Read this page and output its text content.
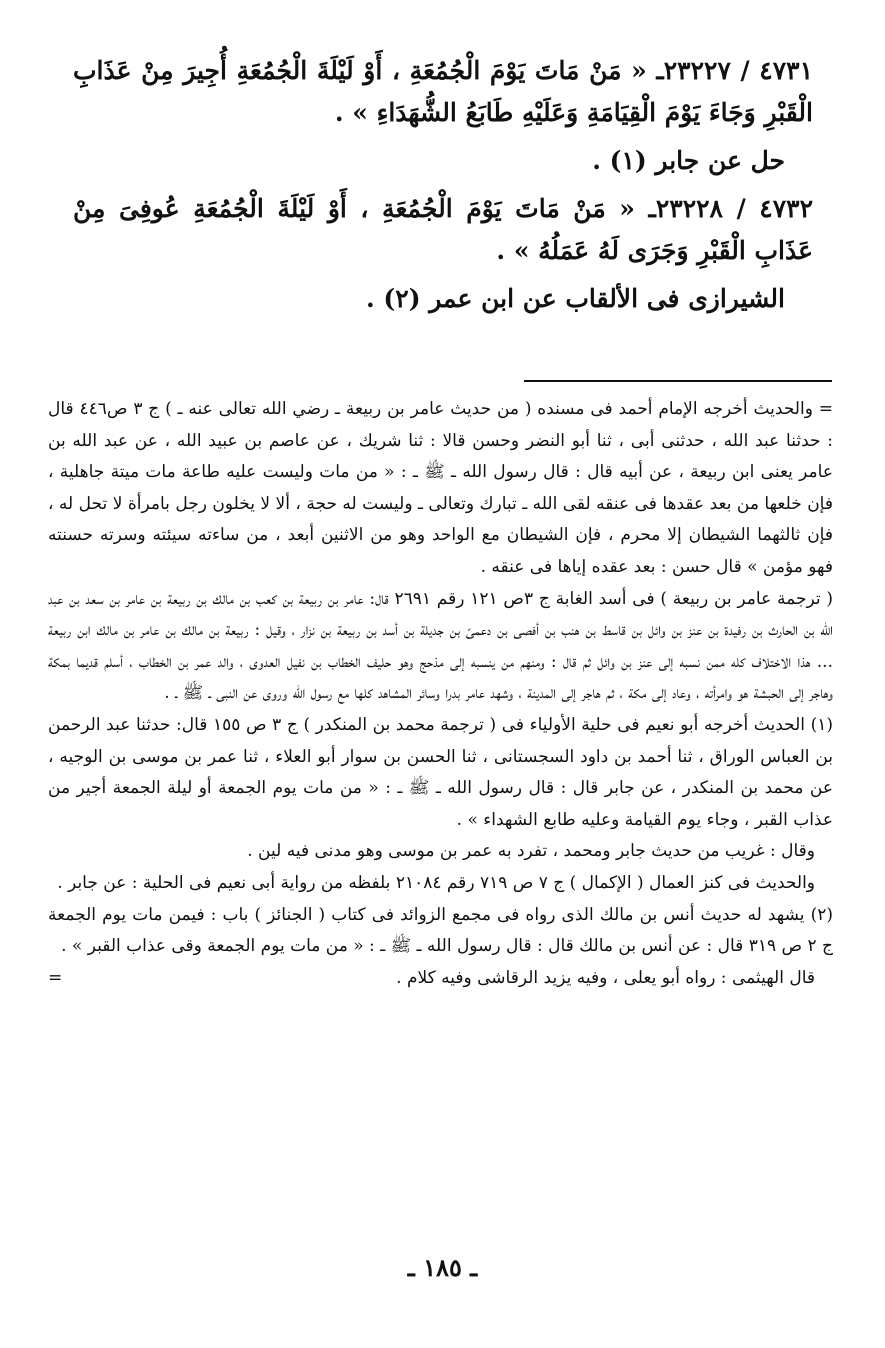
٤٧٣١ / ٢٣٢٢٧ـ « مَنْ مَاتَ يَوْمَ الْجُمُعَةِ ، أَوْ لَيْلَةَ الْجُمُعَةِ أُجِيرَ مِنْ عَذَابِ الْقَبْرِ وَجَاءَ يَوْمَ الْقِيَامَةِ وَعَلَيْهِ طَابَعُ الشُّهَدَاءِ » .

حل عن جابر (١) .

٤٧٣٢ / ٢٣٢٢٨ـ « مَنْ مَاتَ يَوْمَ الْجُمُعَةِ ، أَوْ لَيْلَةَ الْجُمُعَةِ عُوفِىَ مِنْ عَذَابِ الْقَبْرِ وَجَرَى لَهُ عَمَلُهُ » .

الشيرازى فى الألقاب عن ابن عمر (٢) .

= والحديث أخرجه الإمام أحمد فى مسنده ( من حديث عامر بن ربيعة ـ رضي الله تعالى عنه ـ ) ج ٣ ص٤٤٦ قال : حدثنا عبد الله ، حدثنى أبى ، ثنا أبو النضر وحسن قالا : ثنا شريك ، عن عاصم بن عبيد الله ، عن عبد الله بن عامر يعنى ابن ربيعة ، عن أبيه قال : قال رسول الله ـ ﷺ ـ : « من مات وليست عليه طاعة مات ميتة جاهلية ، فإن خلعها من بعد عقدها فى عنقه لقى الله ـ تبارك وتعالى ـ وليست له حجة ، ألا لا يخلون رجل بامرأة لا تحل له ، فإن ثالثهما الشيطان إلا محرم ، فإن الشيطان مع الواحد وهو من الاثنين أبعد ، من ساءته سيئته وسرته حسنته فهو مؤمن » قال حسن : بعد عقده إياها فى عنقه .

( ترجمة عامر بن ربيعة ) فى أسد الغابة ج ٣ص ١٢١ رقم ٢٦٩١ قال: عامر بن ربيعة بن كعب بن مالك بن ربيعة بن عامر بن سعد بن عبد الله بن الحارث بن رفيدة بن عنز بن وائل بن قاسط بن هنب بن أفصى بن دعمىّ بن جديلة بن أسد بن ربيعة بن نزار ، وقيل : ربيعة بن مالك بن عامر بن مالك ابن ربيعة ... هذا الاختلاف كله ممن نسبه إلى عنز بن وائل ثم قال : ومنهم من ينسبه إلى مذحج وهو حليف الخطاب بن نفيل العدوى ، والد عمر بن الخطاب ، أسلم قديما بمكة وهاجر إلى الحبشة هو وامرأته ، وعاد إلى مكة ، ثم هاجر إلى المدينة ، وشهد عامر بدرا وسائر المشاهد كلها مع رسول الله وروى عن النبى ـ ﷺ ـ .

(١) الحديث أخرجه أبو نعيم فى حلية الأولياء فى ( ترجمة محمد بن المنكدر ) ج ٣ ص ١٥٥ قال: حدثنا عبد الرحمن بن العباس الوراق ، ثنا أحمد بن داود السجستانى ، ثنا الحسن بن سوار أبو العلاء ، ثنا عمر بن موسى بن الوجيه ، عن محمد بن المنكدر ، عن جابر قال : قال رسول الله ـ ﷺ ـ : « من مات يوم الجمعة أو ليلة الجمعة أجير من عذاب القبر ، وجاء يوم القيامة وعليه طابع الشهداء » .

وقال : غريب من حديث جابر ومحمد ، تفرد به عمر بن موسى وهو مدنى فيه لين .

والحديث فى كنز العمال ( الإكمال ) ج ٧ ص ٧١٩ رقم ٢١٠٨٤ بلفظه من رواية أبى نعيم فى الحلية : عن جابر .

(٢) يشهد له حديث أنس بن مالك الذى رواه فى مجمع الزوائد فى كتاب ( الجنائز ) باب : فيمن مات يوم الجمعة ج ٢ ص ٣١٩ قال : عن أنس بن مالك قال : قال رسول الله ـ ﷺ ـ : « من مات يوم الجمعة وقى عذاب القبر » .

قال الهيثمى : رواه أبو يعلى ، وفيه يزيد الرقاشى وفيه كلام .
=

ـ ١٨٥ ـ
